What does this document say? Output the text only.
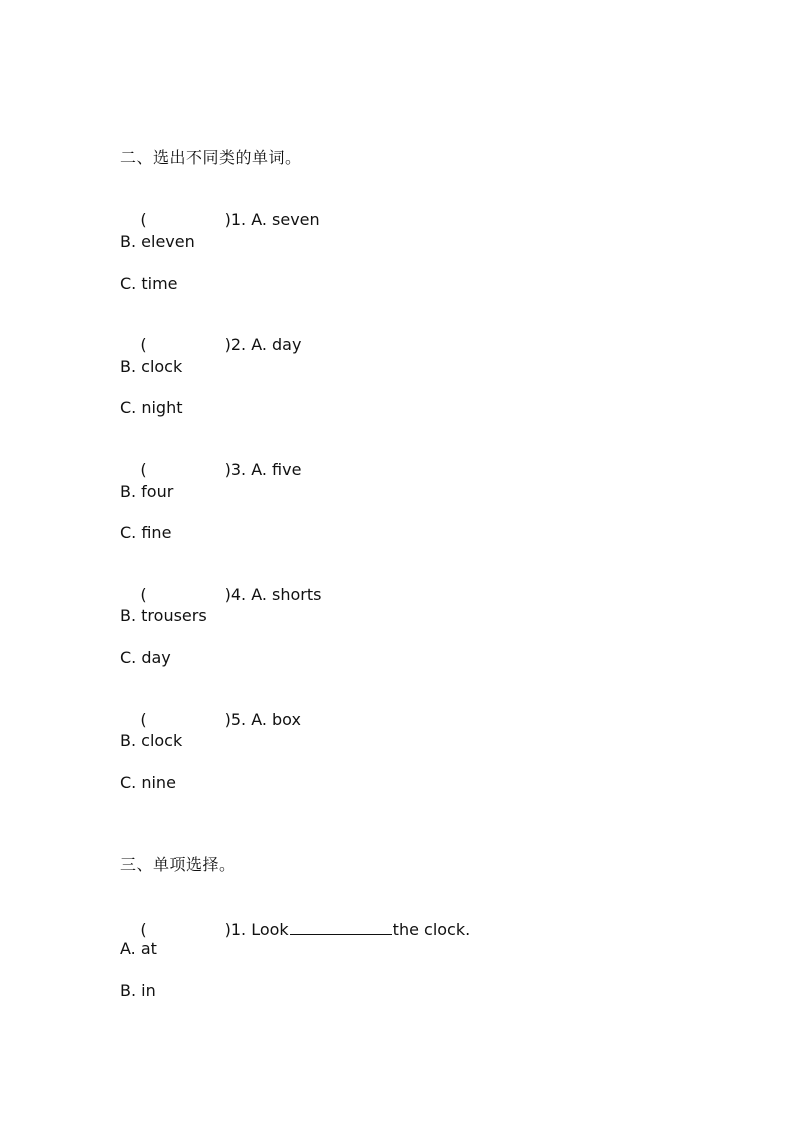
二、选出不同类的单词。

(	)1. A. seven

B. eleven
C. time

(	)2. A. day

B. clock
C. night

(	)3. A. five

B. four
C. fine

(	)4. A. shorts

B. trousers
C. day

(	)5. A. box

B. clock
C. nine
三、单项选择。

(	)1. Look	the clock.

A. at
B. in
